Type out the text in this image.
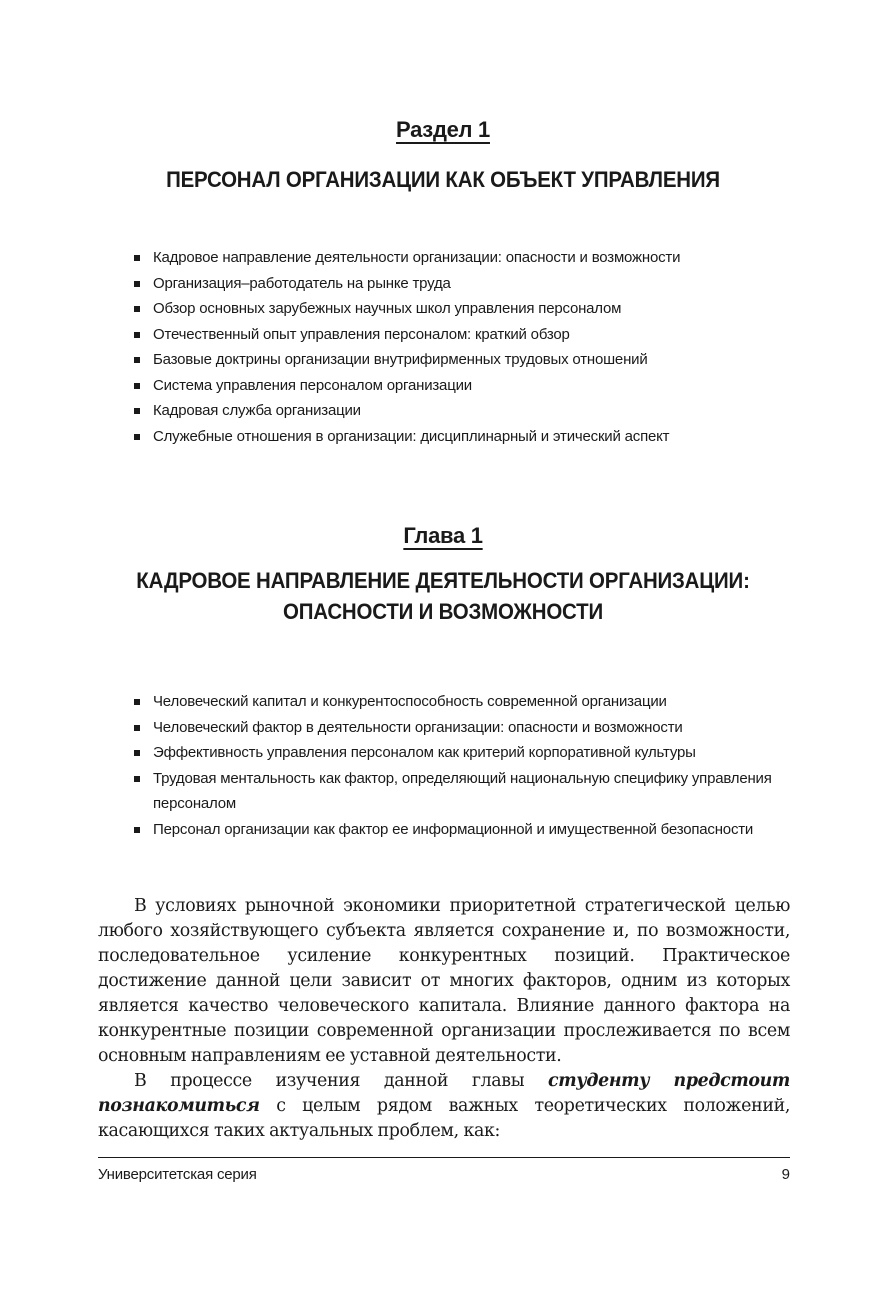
Раздел 1
ПЕРСОНАЛ ОРГАНИЗАЦИИ КАК ОБЪЕКТ УПРАВЛЕНИЯ
Кадровое направление деятельности организации: опасности и возможности
Организация–работодатель на рынке труда
Обзор основных зарубежных научных школ управления персоналом
Отечественный опыт управления персоналом: краткий обзор
Базовые доктрины организации внутрифирменных трудовых отношений
Система управления персоналом организации
Кадровая служба организации
Служебные отношения в организации: дисциплинарный и этический аспект
Глава 1
КАДРОВОЕ НАПРАВЛЕНИЕ ДЕЯТЕЛЬНОСТИ ОРГАНИЗАЦИИ:
ОПАСНОСТИ И ВОЗМОЖНОСТИ
Человеческий капитал и конкурентоспособность современной организации
Человеческий фактор в деятельности организации: опасности и возможности
Эффективность управления персоналом как критерий корпоративной культуры
Трудовая ментальность как фактор, определяющий национальную специфику управления персоналом
Персонал организации как фактор ее информационной и имущественной безопасности

В условиях рыночной экономики приоритетной стратегической целью любого хозяйствующего субъекта является сохранение и, по возможности, последовательное усиление конкурентных позиций. Практическое достижение данной цели зависит от многих факторов, одним из которых является качество человеческого капитала. Влияние данного фактора на конкурентные позиции современной организации прослеживается по всем основным направлениям ее уставной деятельности.

В процессе изучения данной главы студенту предстоит познакомиться с целым рядом важных теоретических положений, касающихся таких актуальных проблем, как:

Университетская серия	9
